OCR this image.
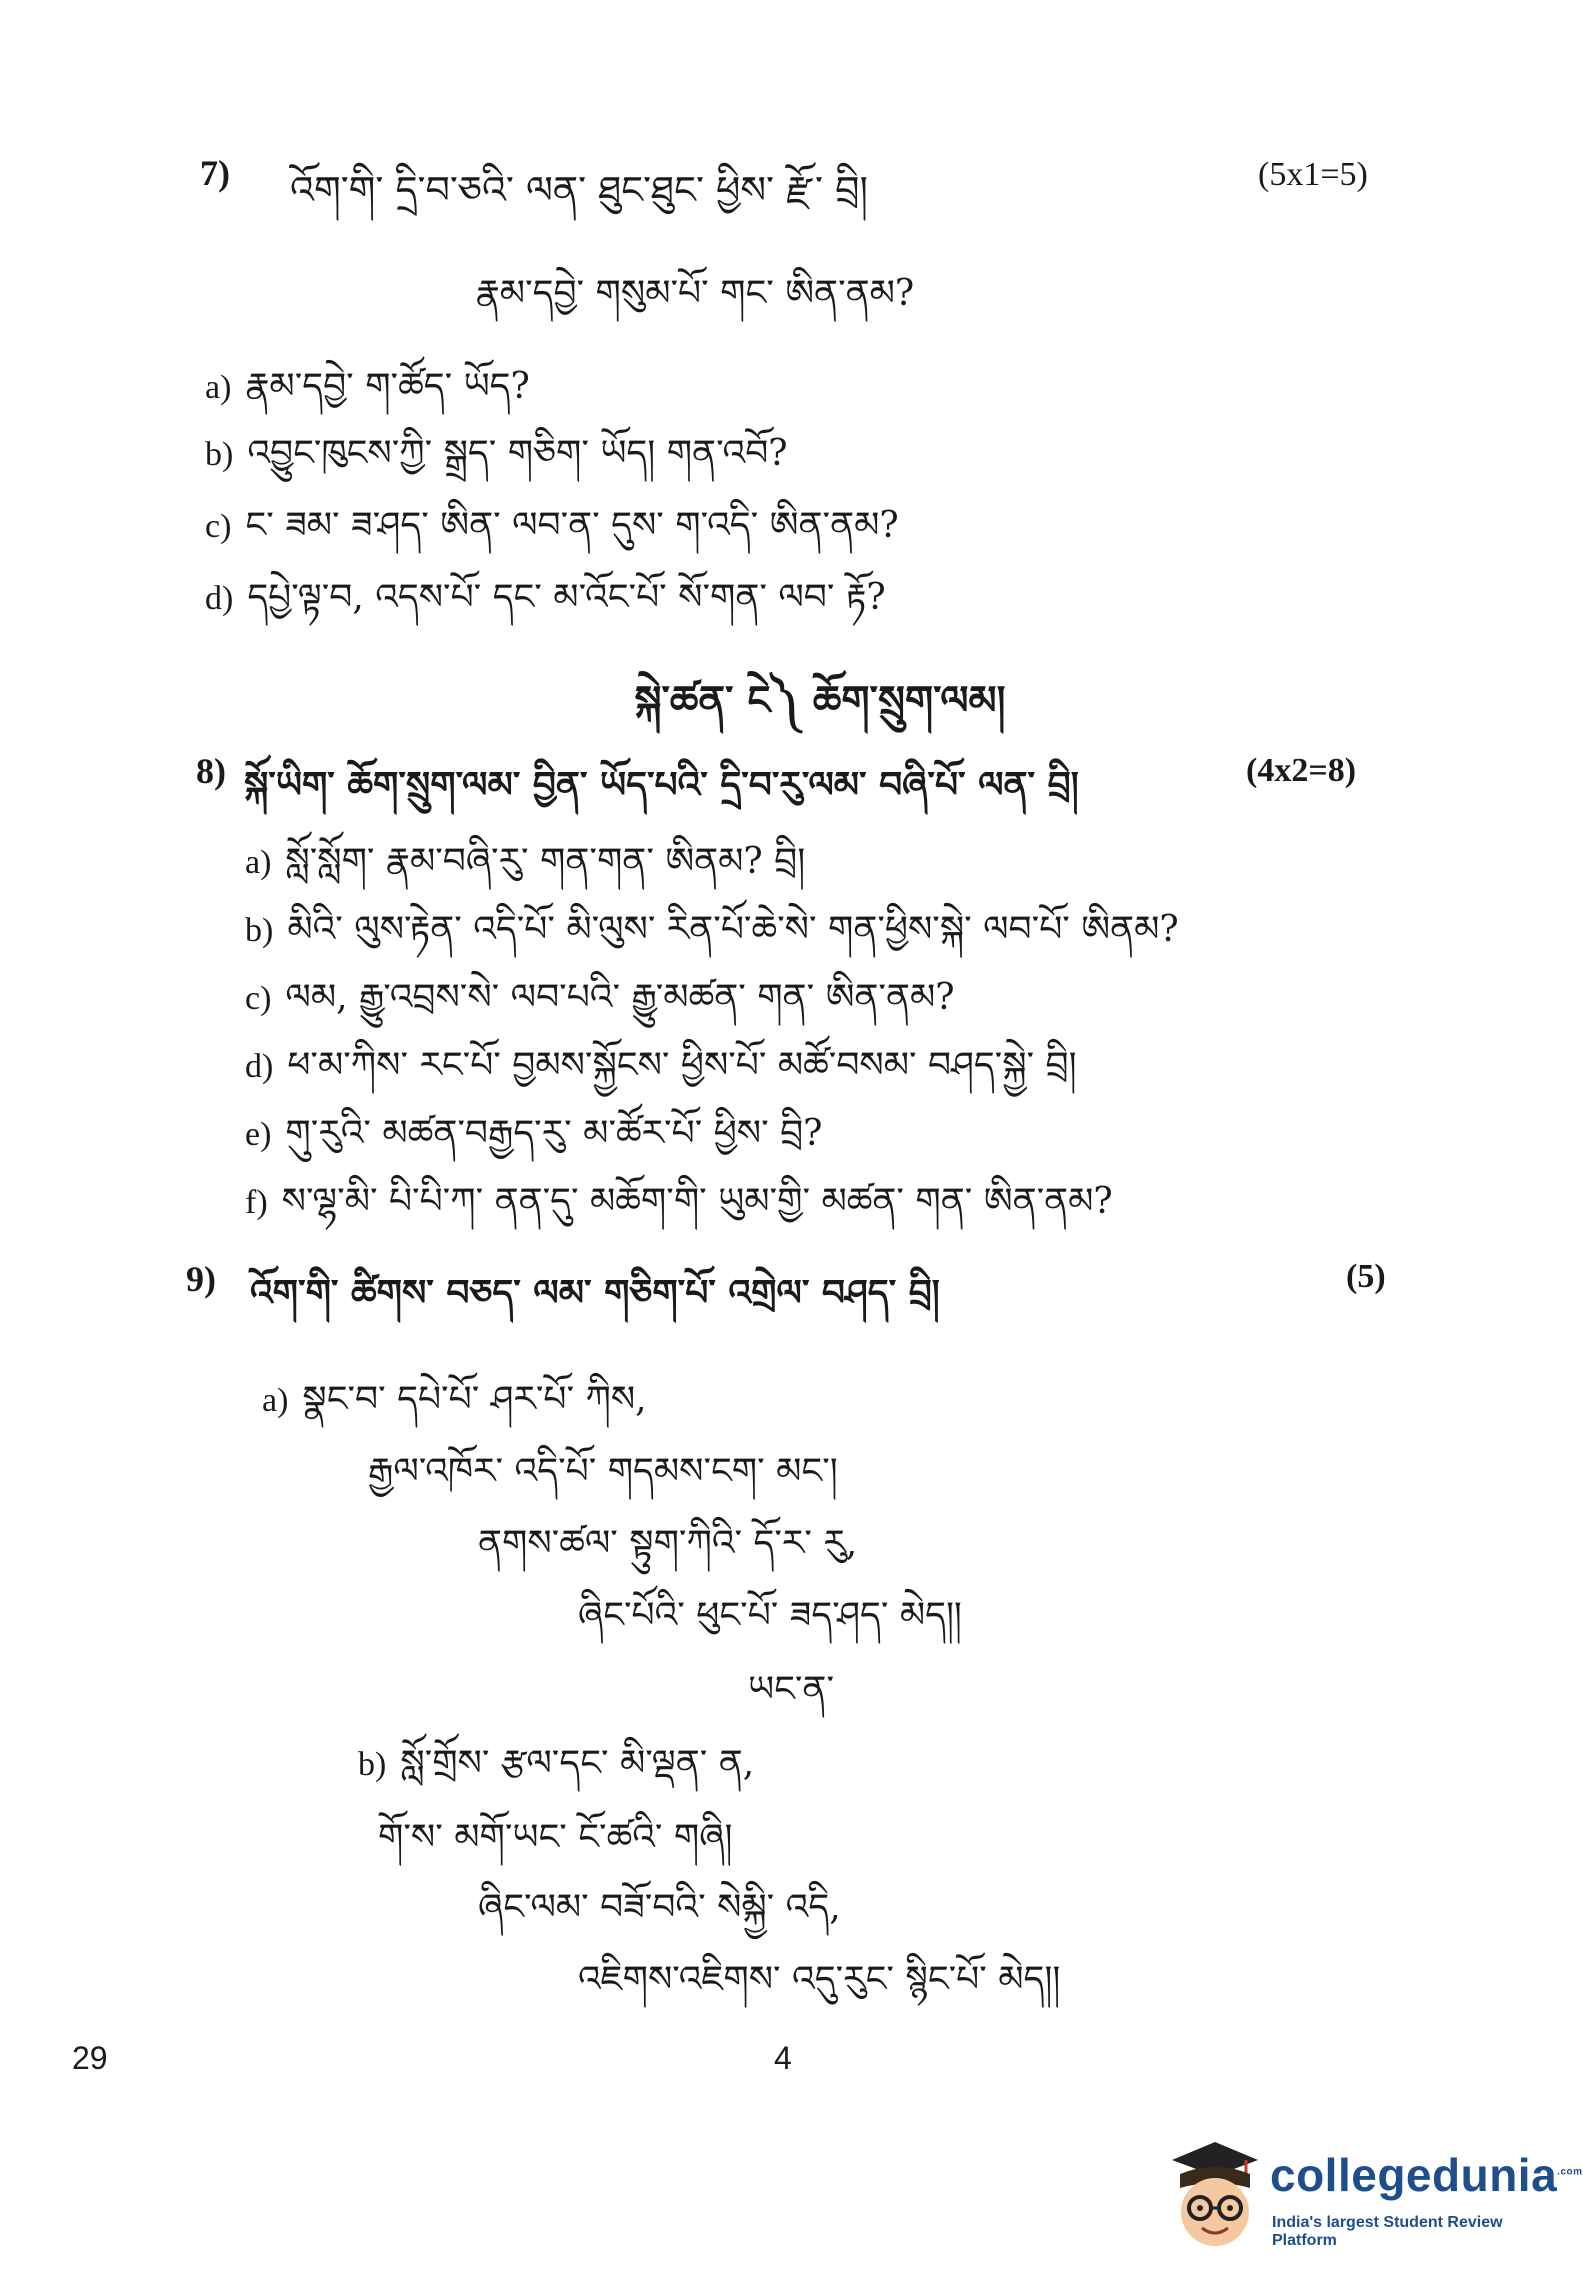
7) འོག་གི་ དྲི་བ་ཅའི་ ལན་ ཐུང་ཐུང་ ཕྱིས་ རྫོ་ བྲི།	(5x1=5)
རྣམ་དབྱེ་ གསུམ་པོ་ གང་ ཨིན་ནམ?
a) རྣམ་དབྱེ་ ག་ཚོད་ ཡོད?
b) འབྱུང་ཁུངས་ཀྱི་ སྒྲད་ གཅིག་ ཡོད། གན་འབོ?
c) ང་ ཟམ་ ཟ་ཤད་ ཨིན་ ལབ་ན་ དུས་ ག་འདི་ ཨིན་ནམ?
d) དཔྱེ་ལྟ་བ, འདས་པོ་ དང་ མ་འོང་པོ་ སོ་གན་ ལབ་ རྟོ?
སྐེ་ཚན་ ངེ༽ ཆོག་སྲུག་ལམ།
8) སྐོ་ཡིག་ ཆོག་སྲུག་ལམ་ བྱིན་ ཡོད་པའི་ དྲི་བ་རུ་ལམ་ བཞི་པོ་ ལན་ བྲི།	(4x2=8)
a) སློ་སློག་ རྣམ་བཞི་རུ་ གན་གན་ ཨིནམ? བྲི།
b) མིའི་ ལུས་རྟེན་ འདི་པོ་ མི་ལུས་ རིན་པོ་ཆེ་སེ་ གན་ཕྱིས་སྐེ་ ལབ་པོ་ ཨིནམ?
c) ལམ, རྒྱུ་འབྲས་སེ་ ལབ་པའི་ རྒྱུ་མཚན་ གན་ ཨིན་ནམ?
d) ཕ་མ་ཀིས་ རང་པོ་ བྱམས་སྐྱོངས་ ཕྱིས་པོ་ མཚོ་བསམ་ བཤད་སྐྱེ་ བྲི།
e) གུ་རུའི་ མཚན་བརྒྱད་རུ་ མ་ཚོར་པོ་ ཕྱིས་ བྲི?
f) ས་ལྷ་མི་ པི་པི་ཀ་ ནན་དུ་ མཆོག་གི་ ཡུམ་གྱི་ མཚན་ གན་ ཨིན་ནམ?
9) འོག་གི་ ཚིགས་ བཅད་ ལམ་ གཅིག་པོ་ འགྲེལ་ བཤད་ བྲི།	(5)
a) སྣང་བ་ དཔེ་པོ་ ཤར་པོ་ ཀིས,
རྒྱལ་འཁོར་ འདི་པོ་ གདམས་ངག་ མང་།
ནགས་ཚལ་ སྟུག་ཀིའི་ དོ་ར་ རུ,
ཞིང་པོའི་ ཕུང་པོ་ ཟད་ཤད་ མེད།།
ཡང་ན་
b) སློ་གྲོས་ རྩལ་དང་ མི་ལྡན་ ན,
གོ་ས་ མགོ་ཡང་ ངོ་ཚའི་ གཞི།
ཞིང་ལམ་ བཟོ་བའི་ སེམྐྱི་ འདི,
འཇིགས་འཇིགས་ འདུ་རུང་ སྙིང་པོ་ མེད།།
29	4
collegedunia$^{.com}$
India's largest Student Review Platform
